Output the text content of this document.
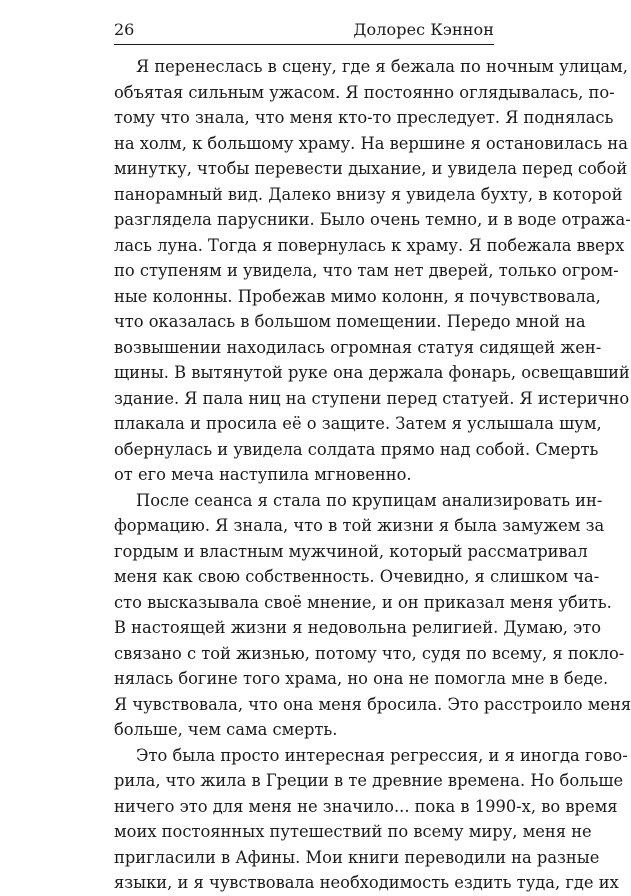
26	Долорес Кэннон
Я перенеслась в сцену, где я бежала по ночным улицам,
объятая сильным ужасом. Я постоянно оглядывалась, по-
тому что знала, что меня кто-то преследует. Я поднялась
на холм, к большому храму. На вершине я остановилась на
минутку, чтобы перевести дыхание, и увидела перед собой
панорамный вид. Далеко внизу я увидела бухту, в которой
разглядела парусники. Было очень темно, и в воде отража-
лась луна. Тогда я повернулась к храму. Я побежала вверх
по ступеням и увидела, что там нет дверей, только огром-
ные колонны. Пробежав мимо колонн, я почувствовала,
что оказалась в большом помещении. Передо мной на
возвышении находилась огромная статуя сидящей жен-
щины. В вытянутой руке она держала фонарь, освещавший
здание. Я пала ниц на ступени перед статуей. Я истерично
плакала и просила её о защите. Затем я услышала шум,
обернулась и увидела солдата прямо над собой. Смерть
от его меча наступила мгновенно.
После сеанса я стала по крупицам анализировать ин-
формацию. Я знала, что в той жизни я была замужем за
гордым и властным мужчиной, который рассматривал
меня как свою собственность. Очевидно, я слишком ча-
сто высказывала своё мнение, и он приказал меня убить.
В настоящей жизни я недовольна религией. Думаю, это
связано с той жизнью, потому что, судя по всему, я покло-
нялась богине того храма, но она не помогла мне в беде.
Я чувствовала, что она меня бросила. Это расстроило меня
больше, чем сама смерть.
Это была просто интересная регрессия, и я иногда гово-
рила, что жила в Греции в те древние времена. Но больше
ничего это для меня не значило... пока в 1990-х, во время
моих постоянных путешествий по всему миру, меня не
пригласили в Афины. Мои книги переводили на разные
языки, и я чувствовала необходимость ездить туда, где их
